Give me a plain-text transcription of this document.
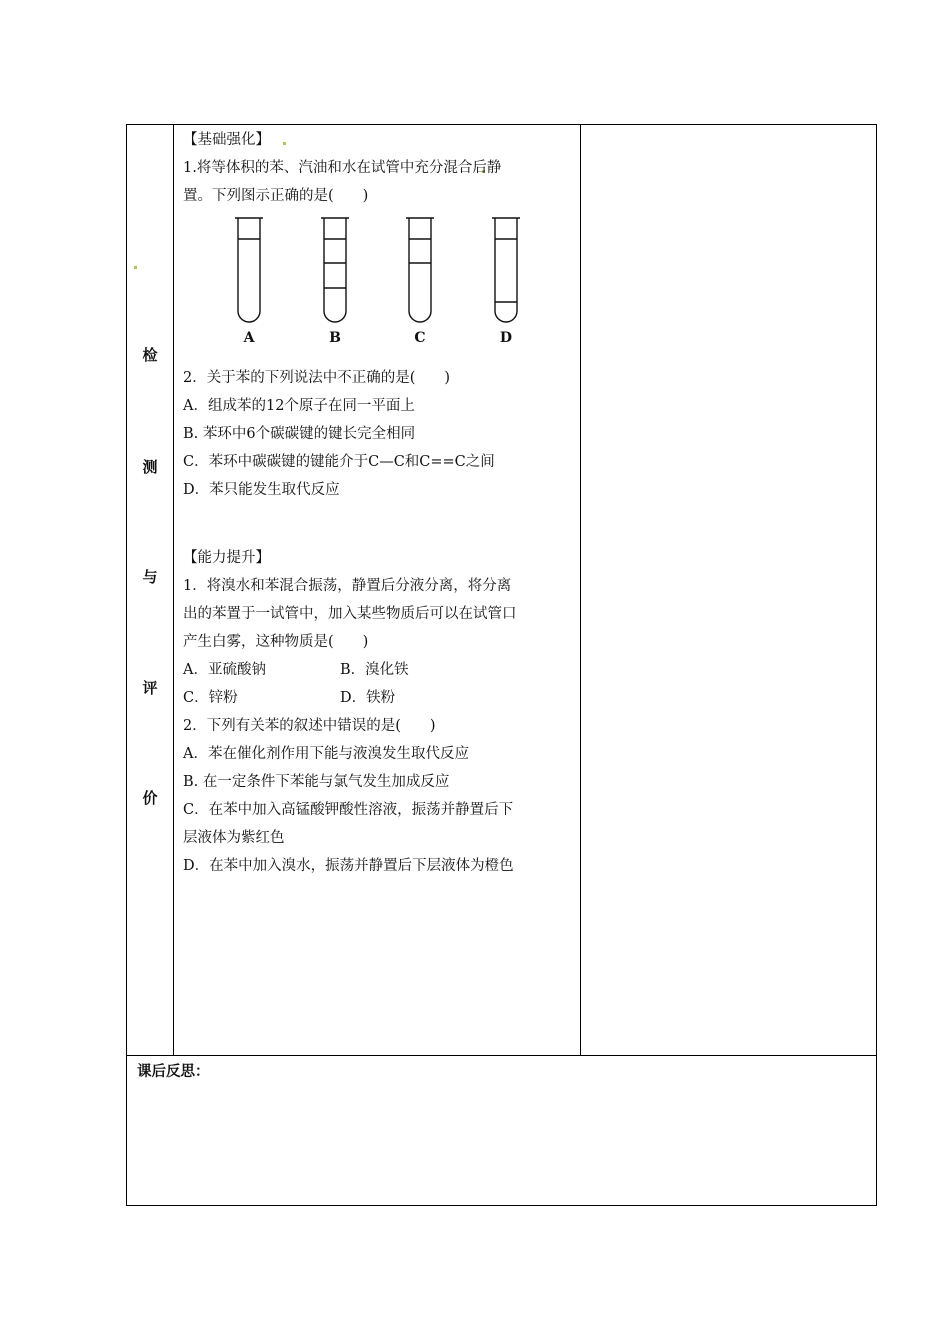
检
测
与
评
价

【基础强化】

1.将等体积的苯、汽油和水在试管中充分混合后静

置。下列图示正确的是(　　)

A	B	C	D

2．关于苯的下列说法中不正确的是(　　)

A．组成苯的12个原子在同一平面上

B. 苯环中6个碳碳键的键长完全相同

C．苯环中碳碳键的键能介于C—C和C==C之间

D．苯只能发生取代反应

【能力提升】

1．将溴水和苯混合振荡，静置后分液分离，将分离

出的苯置于一试管中，加入某些物质后可以在试管口

产生白雾，这种物质是(　　)

A．亚硫酸钠	B．溴化铁
C．锌粉	D．铁粉

2．下列有关苯的叙述中错误的是(　　)

A．苯在催化剂作用下能与液溴发生取代反应

B. 在一定条件下苯能与氯气发生加成反应

C．在苯中加入高锰酸钾酸性溶液，振荡并静置后下

层液体为紫红色

D．在苯中加入溴水，振荡并静置后下层液体为橙色

课后反思：
